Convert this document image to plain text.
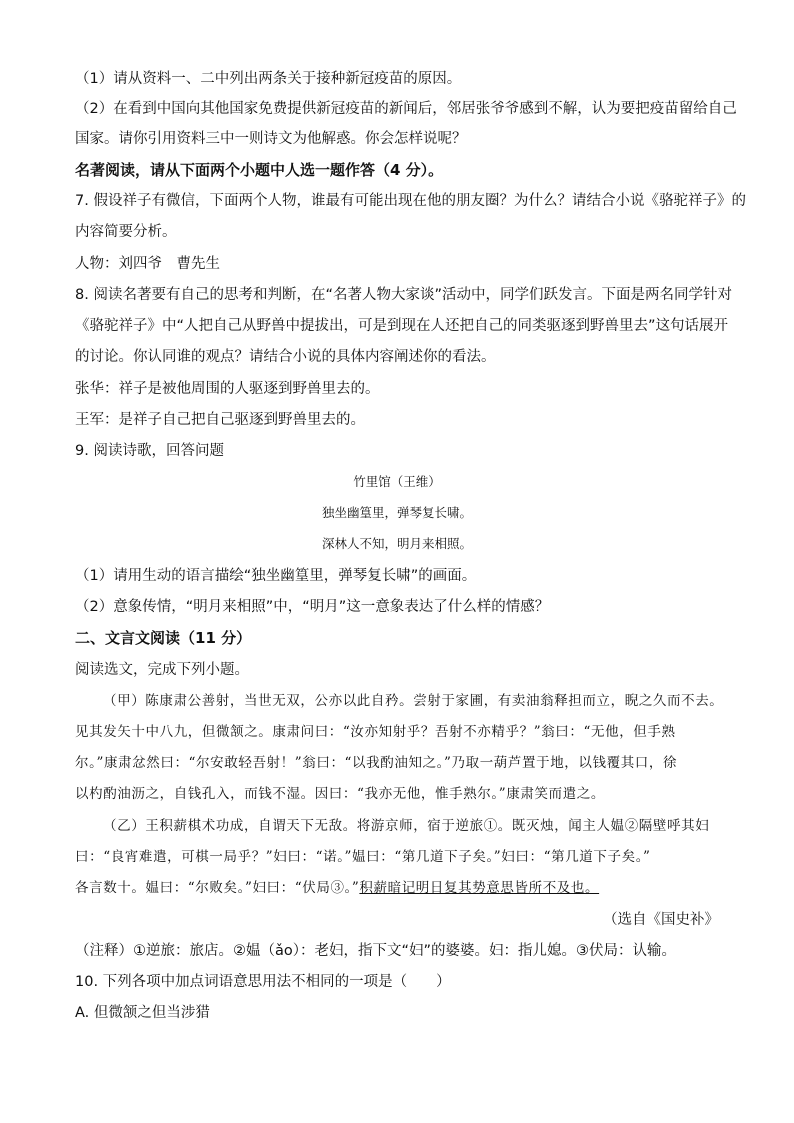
（1）请从资料一、二中列出两条关于接种新冠疫苗的原因。
（2）在看到中国向其他国家免费提供新冠疫苗的新闻后，邻居张爷爷感到不解，认为要把疫苗留给自己
国家。请你引用资料三中一则诗文为他解惑。你会怎样说呢？
名著阅读，请从下面两个小题中人选一题作答（4 分）。
7. 假设祥子有微信，下面两个人物，谁最有可能出现在他的朋友圈？为什么？请结合小说《骆驼祥子》的
内容简要分析。
人物：刘四爷　曹先生
8. 阅读名著要有自己的思考和判断，在“名著人物大家谈”活动中，同学们跃发言。下面是两名同学针对
《骆驼祥子》中“人把自己从野兽中提拔出，可是到现在人还把自己的同类驱逐到野兽里去”这句话展开
的讨论。你认同谁的观点？请结合小说的具体内容阐述你的看法。
张华：祥子是被他周围的人驱逐到野兽里去的。
王军：是祥子自己把自己驱逐到野兽里去的。
9. 阅读诗歌，回答问题
竹里馆（王维）
独坐幽篁里，弹琴复长啸。
深林人不知，明月来相照。
（1）请用生动的语言描绘“独坐幽篁里，弹琴复长啸”的画面。
（2）意象传情，“明月来相照”中，“明月”这一意象表达了什么样的情感？
二、文言文阅读（11 分）
阅读选文，完成下列小题。
（甲）陈康肃公善射，当世无双，公亦以此自矜。尝射于家圃，有卖油翁释担而立，睨之久而不去。
见其发矢十中八九，但微颔之。康肃问曰：“汝亦知射乎？吾射不亦精乎？”翁曰：“无他，但手熟
尔。”康肃忿然曰：“尔安敢轻吾射！”翁曰：“以我酌油知之。”乃取一葫芦置于地，以钱覆其口，徐
以杓酌油沥之，自钱孔入，而钱不湿。因曰：“我亦无他，惟手熟尔。”康肃笑而遣之。
（乙）王积薪棋术功成，自谓天下无敌。将游京师，宿于逆旅①。既灭烛，闻主人媪②隔壁呼其妇
曰：“良宵难遣，可棋一局乎？”妇曰：“诺。”媪曰：“第几道下子矣。”妇曰：“第几道下子矣。”
各言数十。媪曰：“尔败矣。”妇曰：“伏局③。”积薪暗记明日复其势意思皆所不及也。
（选自《国史补》
（注释）①逆旅：旅店。②媪（ǎo）：老妇，指下文“妇”的婆婆。妇：指儿媳。③伏局：认输。
10. 下列各项中加点词语意思用法不相同的一项是（　　）
A. 但微颔之但当涉猎
